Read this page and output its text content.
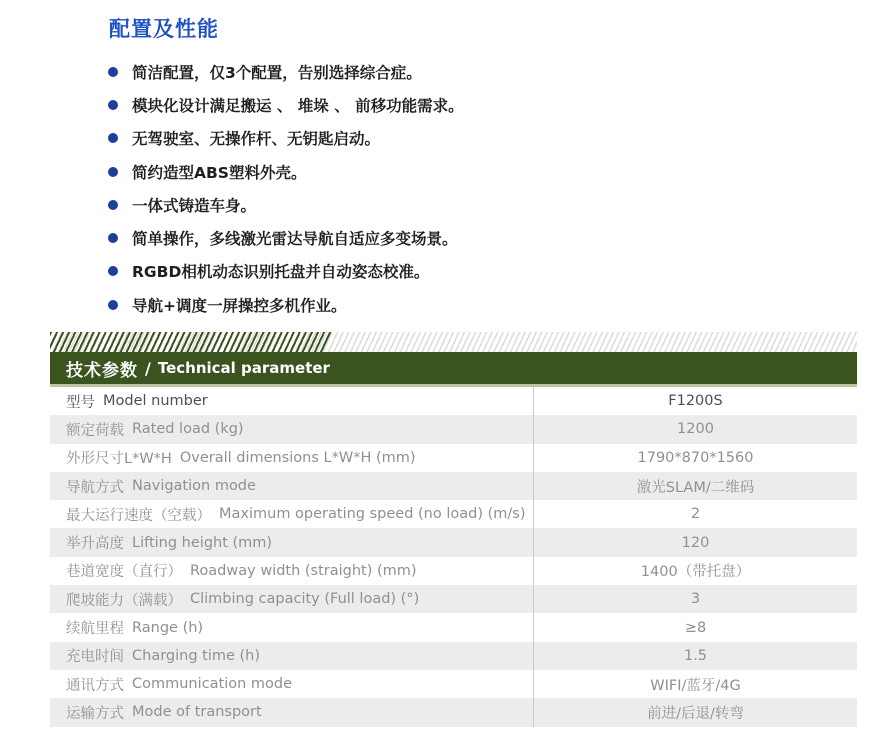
配置及性能
简洁配置，仅3个配置，告别选择综合症。
模块化设计满足搬运 、 堆垛 、 前移功能需求。
无驾驶室、无操作杆、无钥匙启动。
简约造型ABS塑料外壳。
一体式铸造车身。
简单操作，多线激光雷达导航自适应多变场景。
RGBD相机动态识别托盘并自动姿态校准。
导航+调度一屏操控多机作业。
技术参数 / Technical parameter
型号 Model number	F1200S
额定荷载 Rated load (kg)	1200
外形尺寸L*W*H Overall dimensions L*W*H (mm)	1790*870*1560
导航方式 Navigation mode	激光SLAM/二维码
最大运行速度（空载） Maximum operating speed (no load) (m/s)	2
举升高度 Lifting height (mm)	120
巷道宽度（直行） Roadway width (straight) (mm)	1400（带托盘）
爬坡能力（满载） Climbing capacity (Full load) (°)	3
续航里程 Range (h)	≥8
充电时间 Charging time (h)	1.5
通讯方式 Communication mode	WIFI/蓝牙/4G
运输方式 Mode of transport	前进/后退/转弯
